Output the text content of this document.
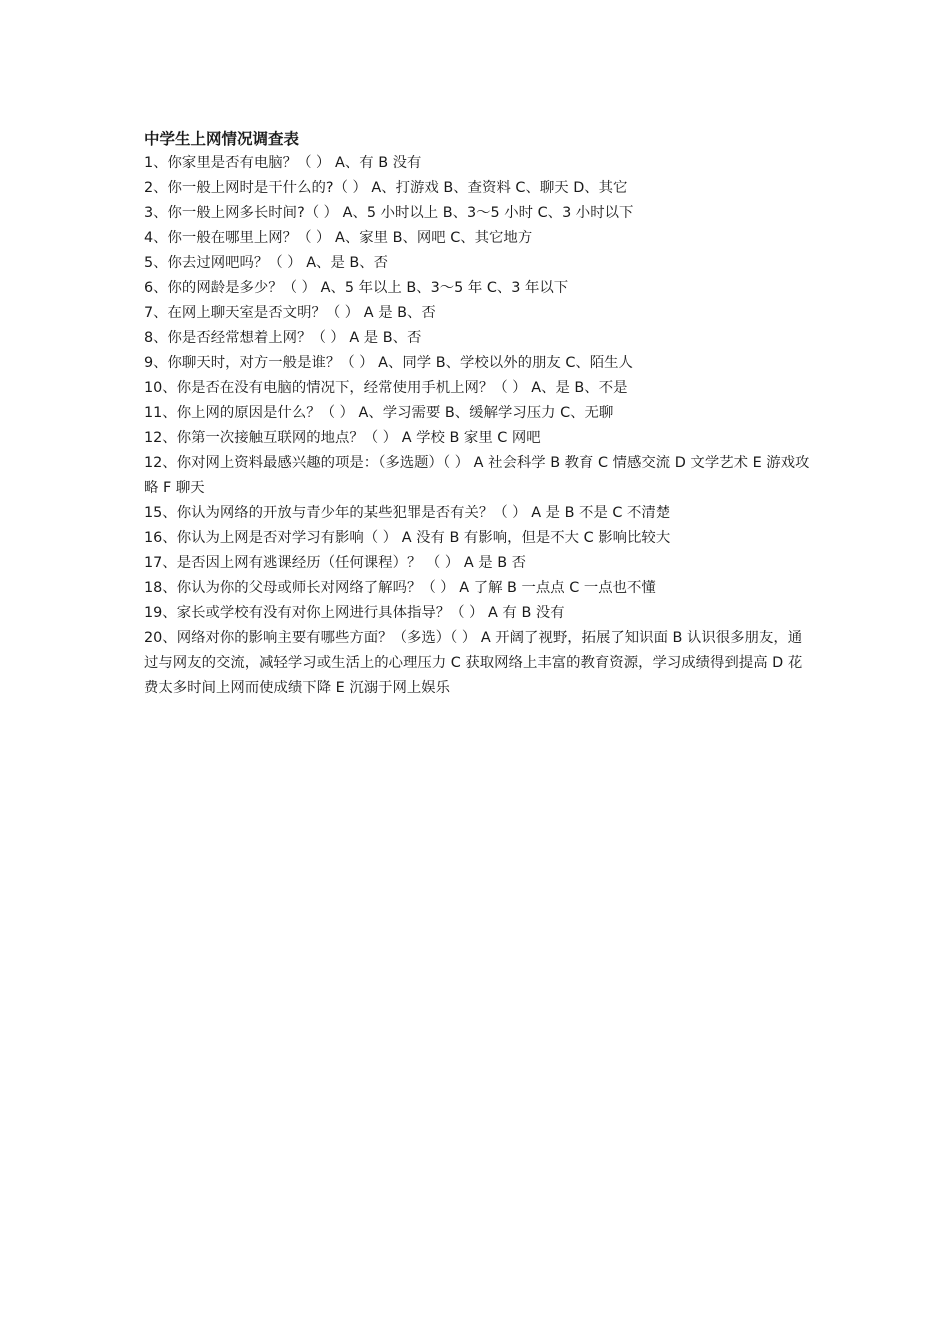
中学生上网情况调查表

1、你家里是否有电脑？（ ） A、有 B 没有

2、你一般上网时是干什么的?（ ） A、打游戏 B、查资料 C、聊天 D、其它

3、你一般上网多长时间?（ ） A、5 小时以上 B、3～5 小时 C、3 小时以下

4、你一般在哪里上网？（ ） A、家里 B、网吧 C、其它地方

5、你去过网吧吗？（ ） A、是 B、否

6、你的网龄是多少？（ ） A、5 年以上 B、3～5 年 C、3 年以下

7、在网上聊天室是否文明？（ ） A 是 B、否

8、你是否经常想着上网？（ ） A 是 B、否

9、你聊天时，对方一般是谁？（ ） A、同学 B、学校以外的朋友 C、陌生人

10、你是否在没有电脑的情况下，经常使用手机上网？（ ） A、是 B、不是

11、你上网的原因是什么？（ ） A、学习需要 B、缓解学习压力 C、无聊

12、你第一次接触互联网的地点？（ ） A 学校 B 家里 C 网吧

12、你对网上资料最感兴趣的项是：（多选题）（ ） A 社会科学 B 教育 C 情感交流 D 文学艺术 E 游戏攻略 F 聊天

15、你认为网络的开放与青少年的某些犯罪是否有关？（ ） A 是 B 不是 C 不清楚

16、你认为上网是否对学习有影响（ ） A 没有 B 有影响，但是不大 C 影响比较大

17、是否因上网有逃课经历（任何课程）？ （ ） A 是 B 否

18、你认为你的父母或师长对网络了解吗？（ ） A 了解 B 一点点 C 一点也不懂

19、家长或学校有没有对你上网进行具体指导？（ ） A 有 B 没有

20、网络对你的影响主要有哪些方面？（多选）（ ） A 开阔了视野，拓展了知识面 B 认识很多朋友，通过与网友的交流，减轻学习或生活上的心理压力 C 获取网络上丰富的教育资源，学习成绩得到提高 D 花费太多时间上网而使成绩下降 E 沉溺于网上娱乐
